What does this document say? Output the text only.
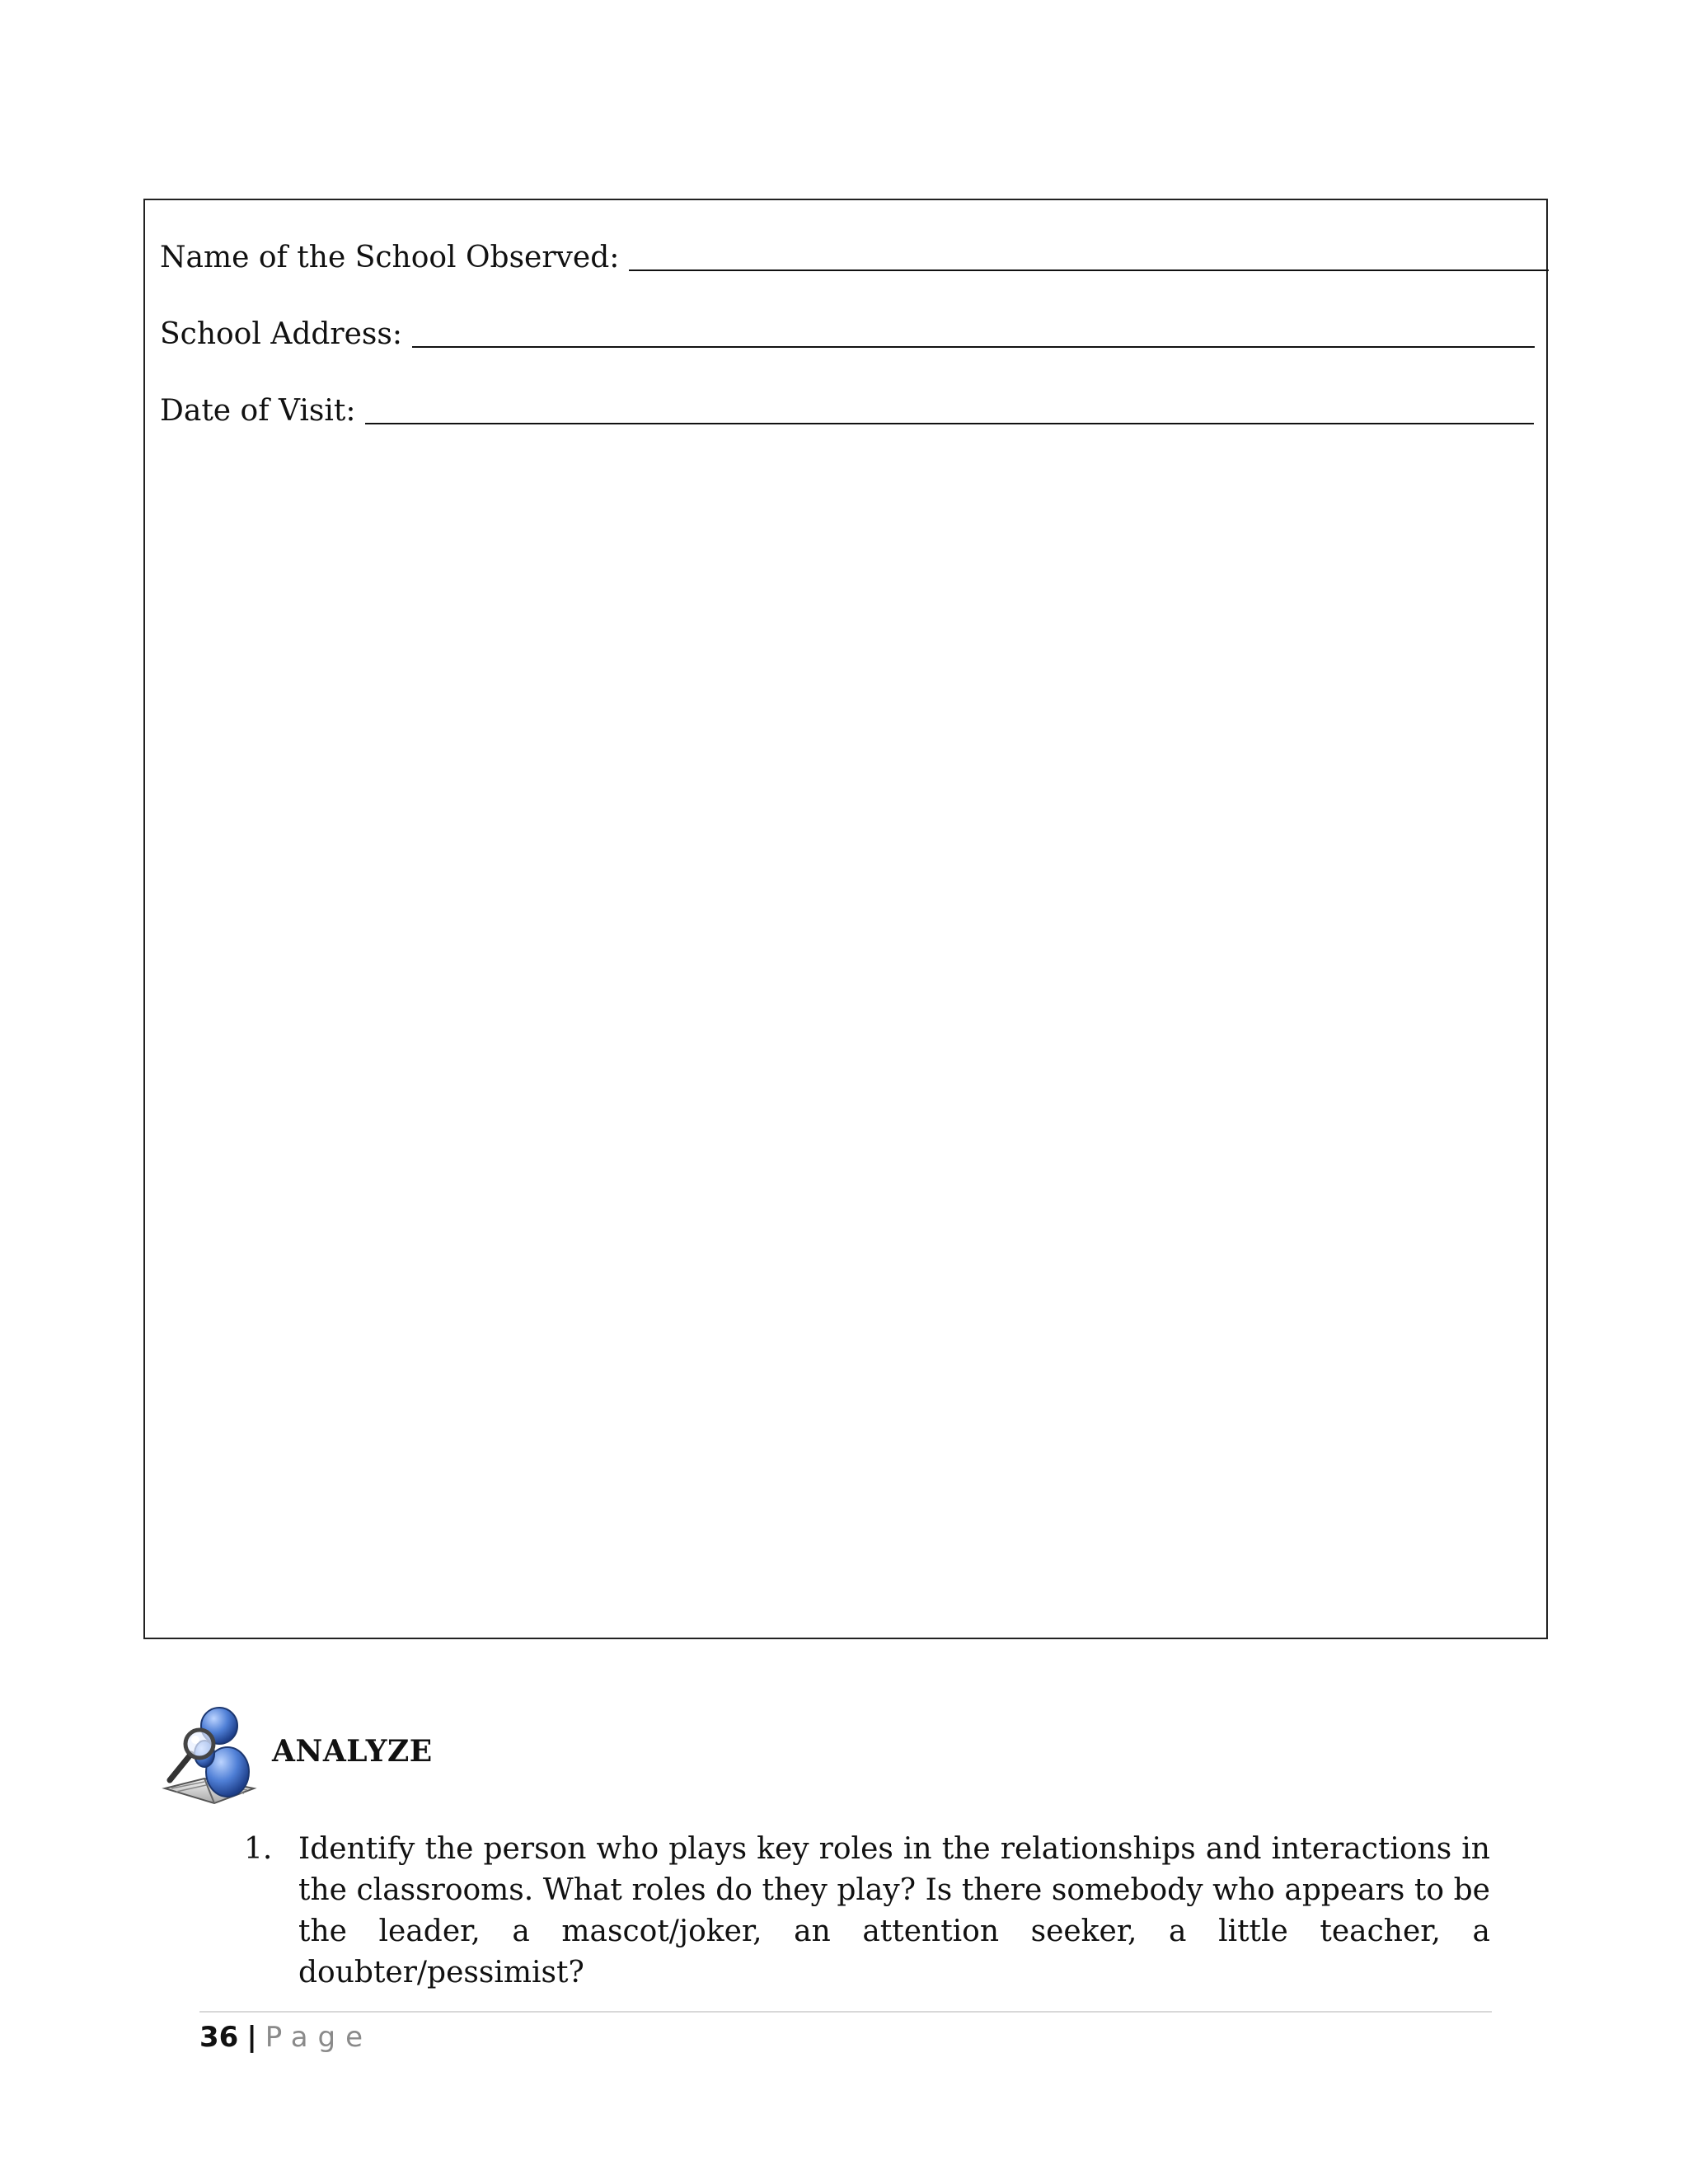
Name of the School Observed:
School Address:
Date of Visit:
ANALYZE
1. Identify the person who plays key roles in the relationships and interactions in the classrooms. What roles do they play? Is there somebody who appears to be the leader, a mascot/joker, an attention seeker, a little teacher, a doubter/pessimist?
36 | Page
